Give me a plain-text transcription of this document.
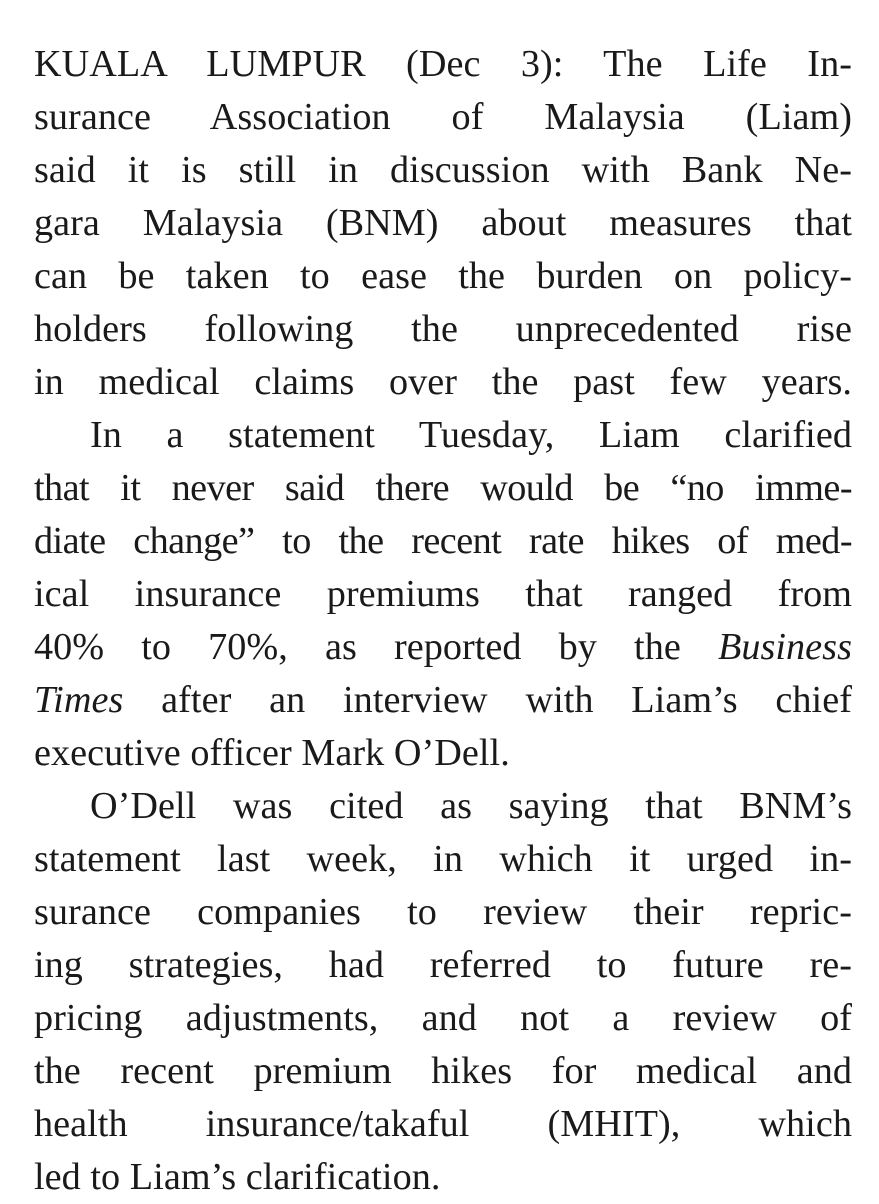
KUALA LUMPUR (Dec 3): The Life In-
surance Association of Malaysia (Liam)
said it is still in discussion with Bank Ne-
gara Malaysia (BNM) about measures that
can be taken to ease the burden on policy-
holders following the unprecedented rise
in medical claims over the past few years.
In a statement Tuesday, Liam clarified
that it never said there would be “no imme-
diate change” to the recent rate hikes of med-
ical insurance premiums that ranged from
40% to 70%, as reported by the Business
Times after an interview with Liam’s chief
executive officer Mark O’Dell.
O’Dell was cited as saying that BNM’s
statement last week, in which it urged in-
surance companies to review their repric-
ing strategies, had referred to future re-
pricing adjustments, and not a review of
the recent premium hikes for medical and
health insurance/takaful (MHIT), which
led to Liam’s clarification.
